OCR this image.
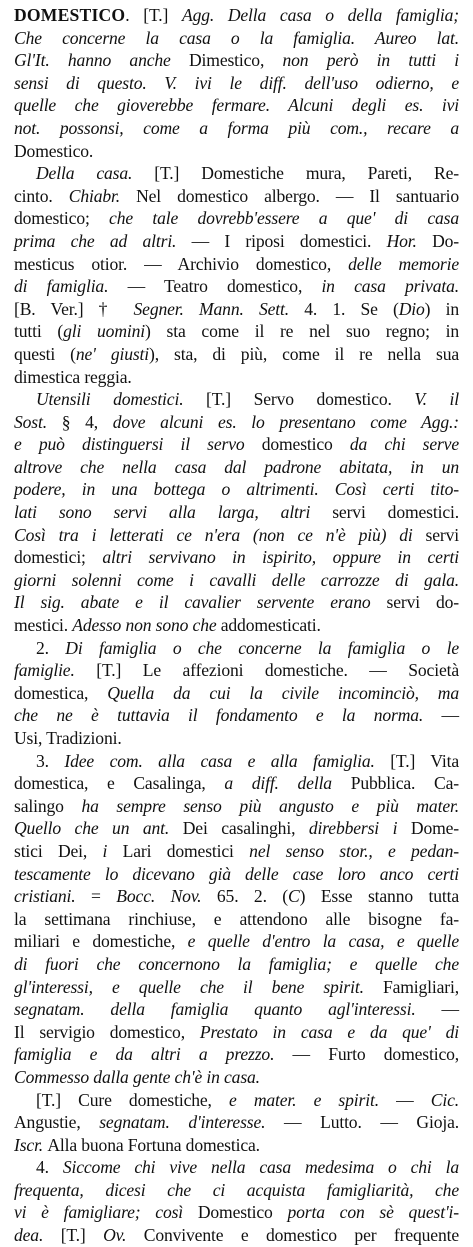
DOMESTICO. [T.] Agg. Della casa o della famiglia;
Che concerne la casa o la famiglia. Aureo lat.
Gl'It. hanno anche Dimestico, non però in tutti i
sensi di questo. V. ivi le diff. dell'uso odierno, e
quelle che gioverebbe fermare. Alcuni degli es. ivi
not. possonsi, come a forma più com., recare a
Domestico.
Della casa. [T.] Domestiche mura, Pareti, Re-
cinto. Chiabr. Nel domestico albergo. — Il santuario
domestico; che tale dovrebb'essere a que' di casa
prima che ad altri. — I riposi domestici. Hor. Do-
mesticus otior. — Archivio domestico, delle memorie
di famiglia. — Teatro domestico, in casa privata.
[B. Ver.] † Segner. Mann. Sett. 4. 1. Se (Dio) in
tutti (gli uomini) sta come il re nel suo regno; in
questi (ne' giusti), sta, di più, come il re nella sua
dimestica reggia.
Utensili domestici. [T.] Servo domestico. V. il
Sost. § 4, dove alcuni es. lo presentano come Agg.:
e può distinguersi il servo domestico da chi serve
altrove che nella casa dal padrone abitata, in un
podere, in una bottega o altrimenti. Così certi tito-
lati sono servi alla larga, altri servi domestici.
Così tra i letterati ce n'era (non ce n'è più) di servi
domestici; altri servivano in ispirito, oppure in certi
giorni solenni come i cavalli delle carrozze di gala.
Il sig. abate e il cavalier servente erano servi do-
mestici. Adesso non sono che addomesticati.
2. Di famiglia o che concerne la famiglia o le
famiglie. [T.] Le affezioni domestiche. — Società
domestica, Quella da cui la civile incominciò, ma
che ne è tuttavia il fondamento e la norma. —
Usi, Tradizioni.
3. Idee com. alla casa e alla famiglia. [T.] Vita
domestica, e Casalinga, a diff. della Pubblica. Ca-
salingo ha sempre senso più angusto e più mater.
Quello che un ant. Dei casalinghi, direbbersi i Dome-
stici Dei, i Lari domestici nel senso stor., e pedan-
tescamente lo dicevano già delle case loro anco certi
cristiani. = Bocc. Nov. 65. 2. (C) Esse stanno tutta
la settimana rinchiuse, e attendono alle bisogne fa-
miliari e domestiche, e quelle d'entro la casa, e quelle
di fuori che concernono la famiglia; e quelle che
gl'interessi, e quelle che il bene spirit. Famigliari,
segnatam. della famiglia quanto agl'interessi. —
Il servigio domestico, Prestato in casa e da que' di
famiglia e da altri a prezzo. — Furto domestico,
Commesso dalla gente ch'è in casa.
[T.] Cure domestiche, e mater. e spirit. — Cic.
Angustie, segnatam. d'interesse. — Lutto. — Gioja.
Iscr. Alla buona Fortuna domestica.
4. Siccome chi vive nella casa medesima o chi la
frequenta, dicesi che ci acquista famigliarità, che
vi è famigliare; così Domestico porta con sè quest'i-
dea. [T.] Ov. Convivente e domestico per frequente
